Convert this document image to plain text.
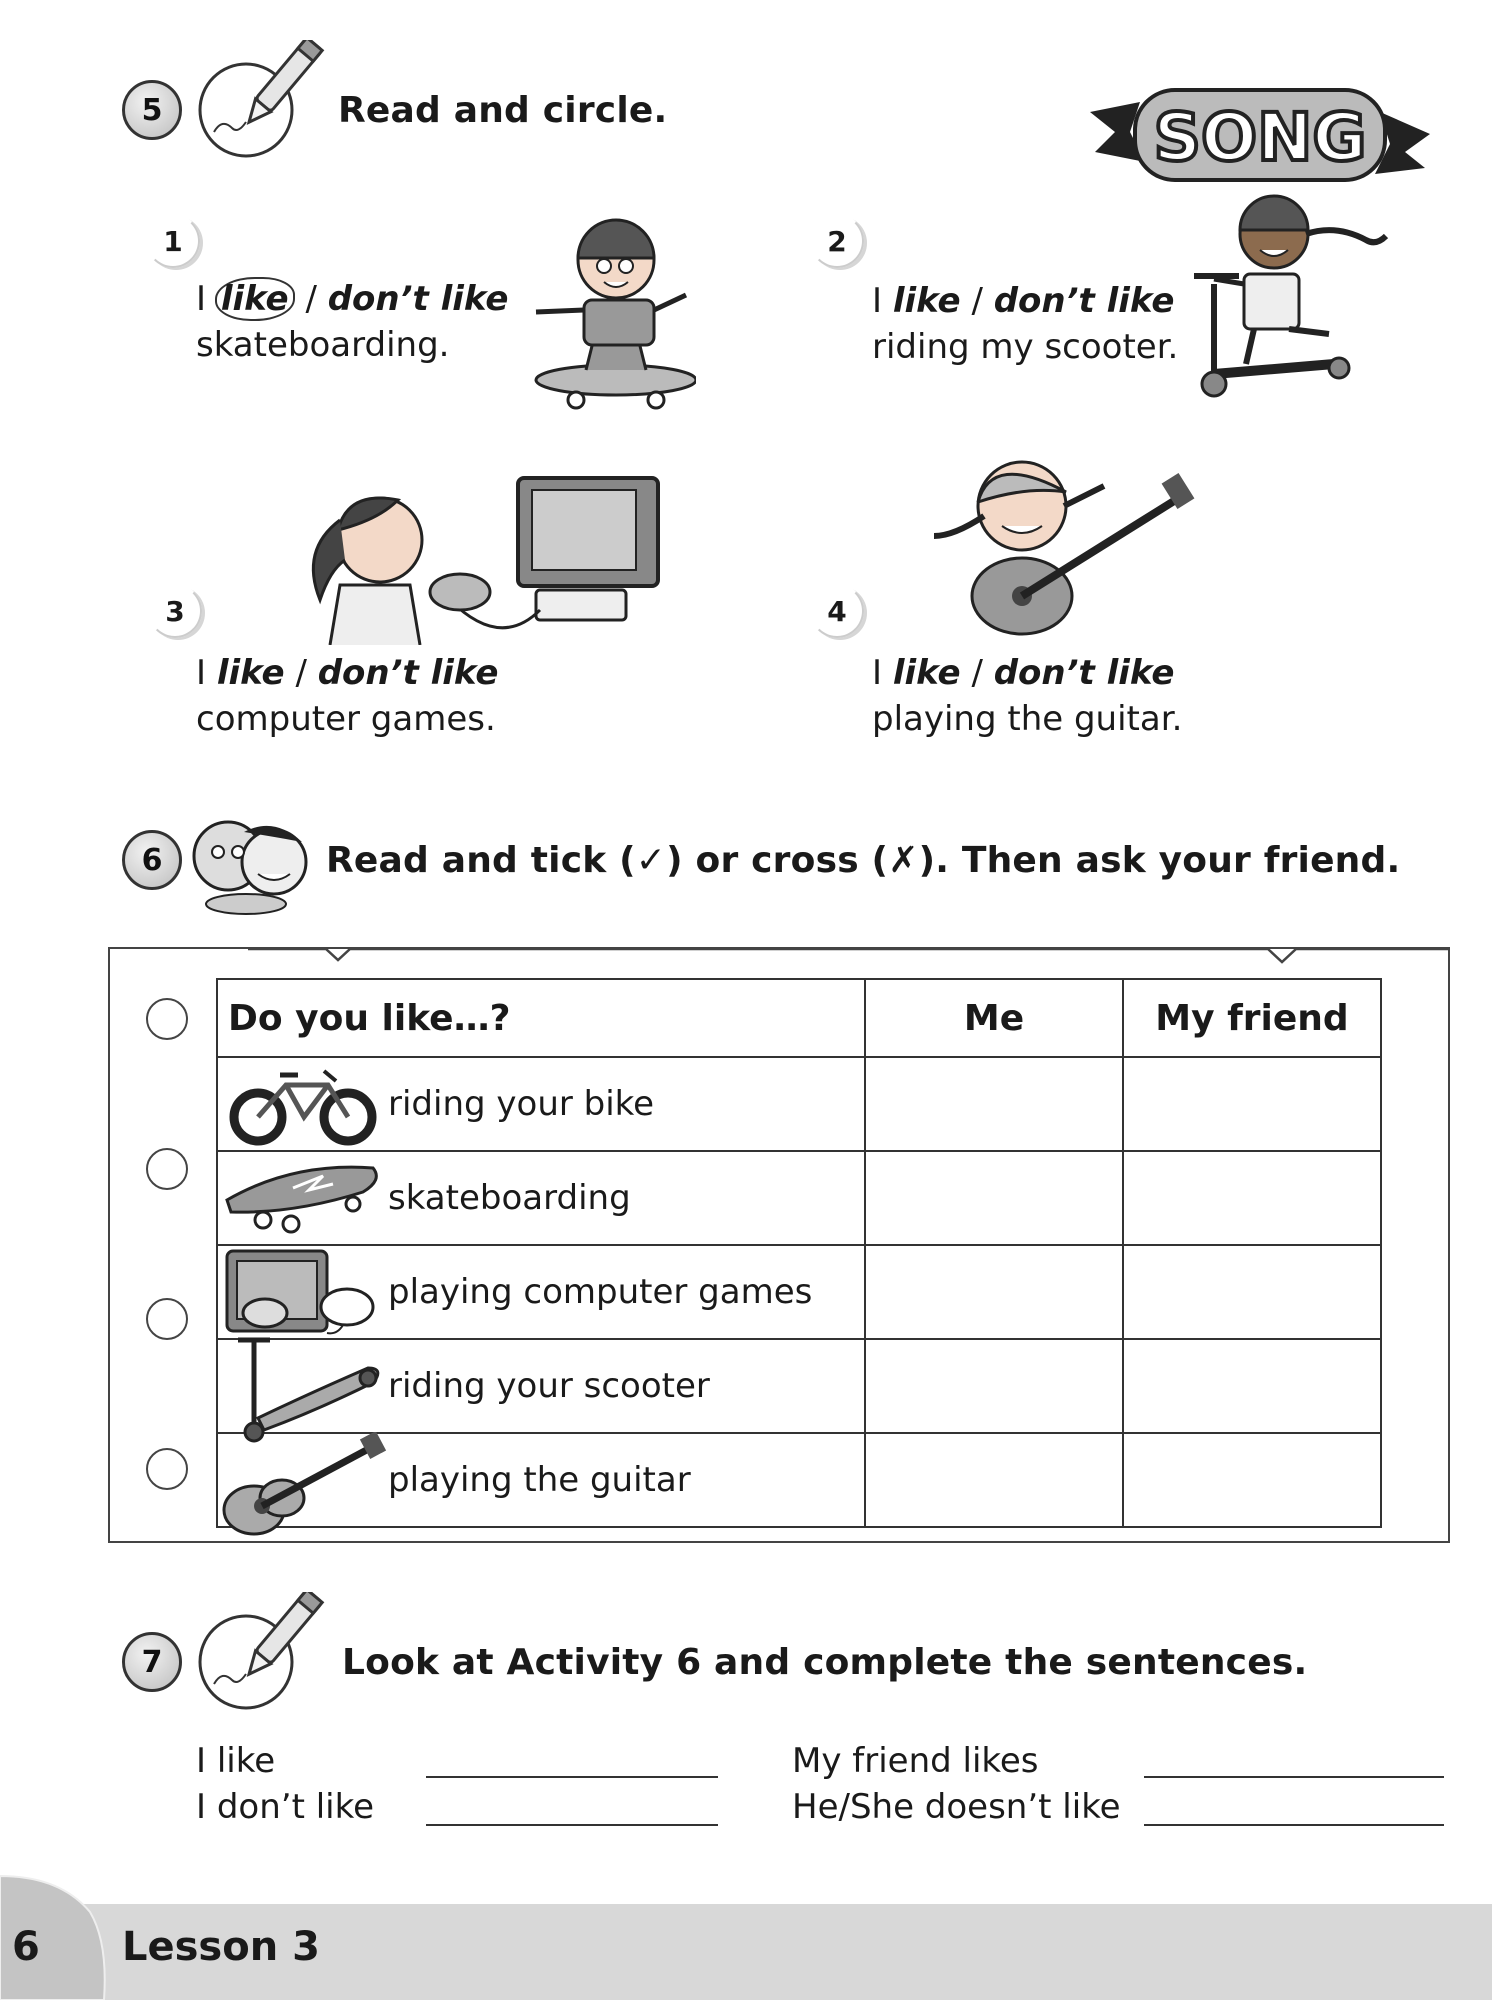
5	Read and circle.	SONG
1
I like / don’t like
skateboarding.
2
I like / don’t like
riding my scooter.
3
I like / don’t like
computer games.
4
I like / don’t like
playing the guitar.
6	Read and tick (✓) or cross (✗). Then ask your friend.
Do you like…?	Me	My friend

riding your bike		

skateboarding		

playing computer games		

riding your scooter		

playing the guitar		

7	Look at Activity 6 and complete the sentences.
I like
I don’t like
My friend likes
He/She doesn’t like
6 Lesson 3
